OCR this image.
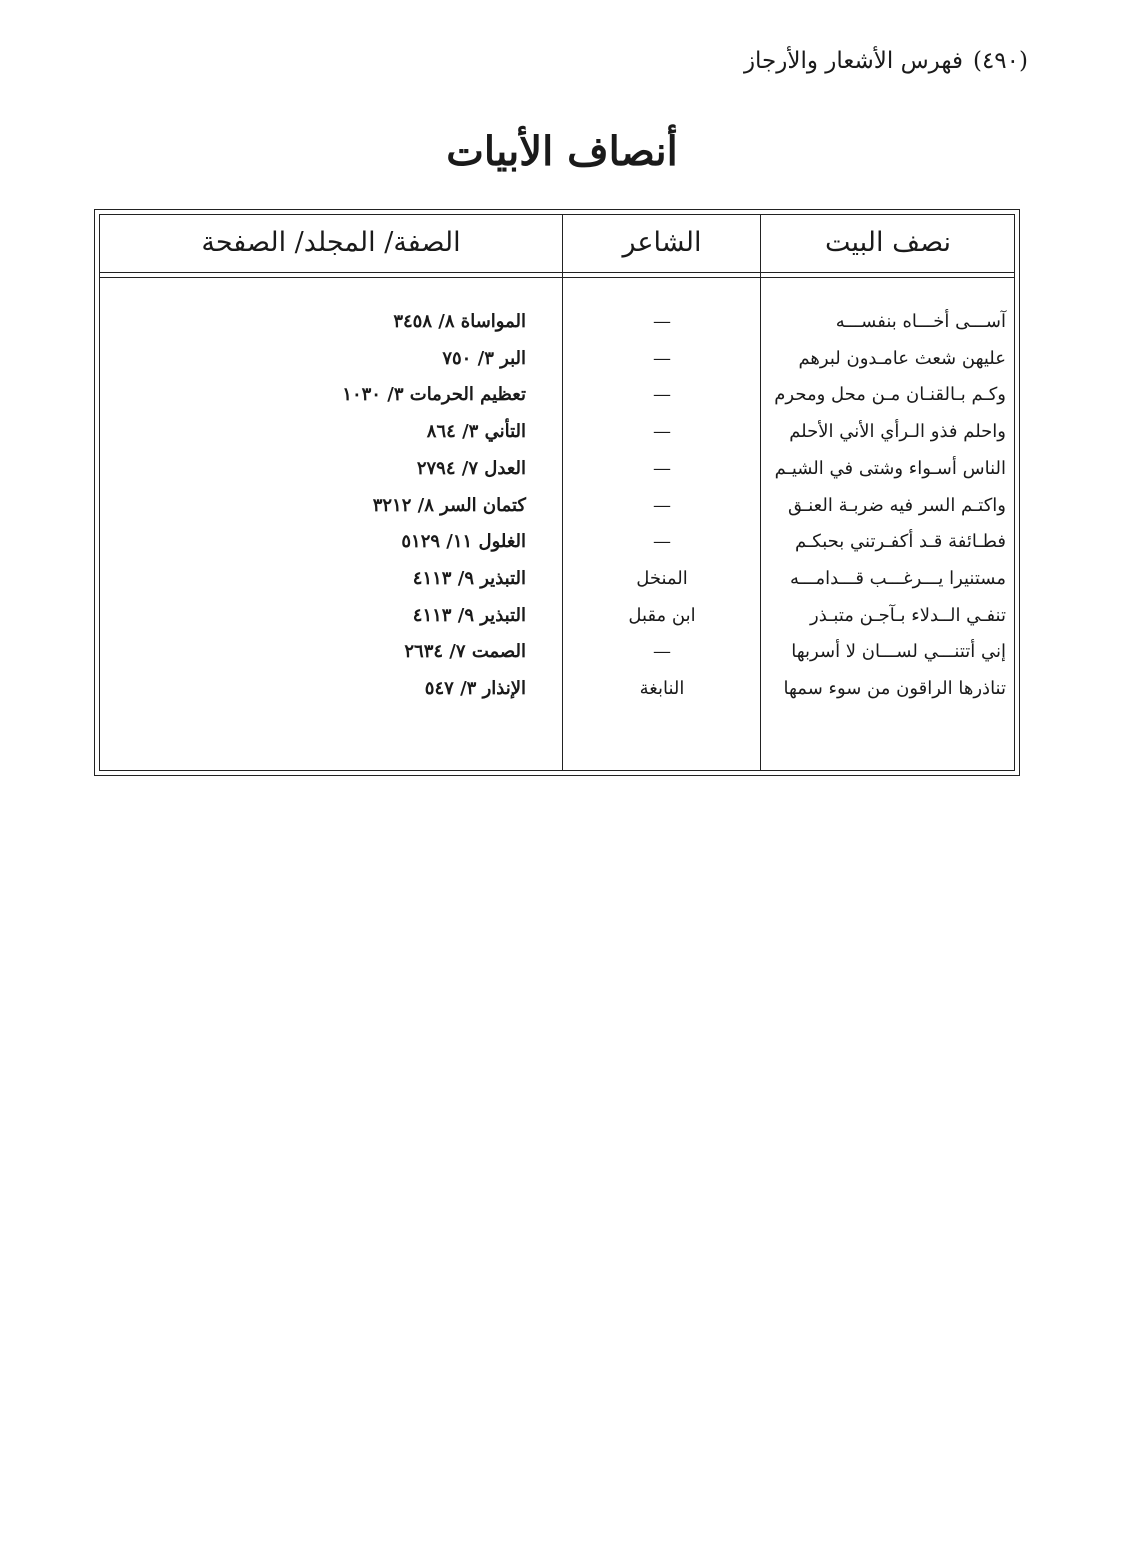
(٤٩٠)فهرس الأشعار والأرجاز
أنصاف الأبيات
نصف البيت
الشاعر
الصفة/ المجلد/ الصفحة
آســـى أخـــاه بنفســـه
—
المواساة ٨/ ٣٤٥٨
عليهن شعث عامـدون لبرهم
—
البر ٣/ ٧٥٠
وكـم بـالقنـان مـن محل ومحرم
—
تعظيم الحرمات ٣/ ١٠٣٠
واحلم فذو الـرأي الأني الأحلم
—
التأني ٣/ ٨٦٤
الناس أسـواء وشتى في الشيـم
—
العدل ٧/ ٢٧٩٤
واكتـم السر فيه ضربـة العنـق
—
كتمان السر ٨/ ٣٢١٢
فطـائفة قـد أكفـرتني بحبكـم
—
الغلول ١١/ ٥١٢٩
مستنيرا يـــرغـــب قـــدامـــه
المنخل
التبذير ٩/ ٤١١٣
تنفـي الــدلاء بـآجـن متبـذر
ابن مقبل
التبذير ٩/ ٤١١٣
إني أتتنـــي لســـان لا أسربها
—
الصمت ٧/ ٢٦٣٤
تناذرها الراقون من سوء سمها
النابغة
الإنذار ٣/ ٥٤٧
